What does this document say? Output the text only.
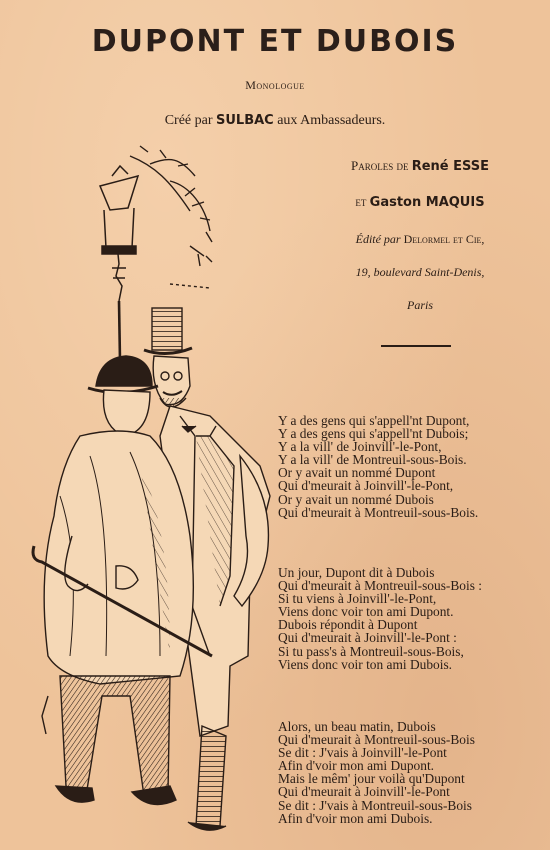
DUPONT ET DUBOIS
Monologue
Créé par SULBAC aux Ambassadeurs.
Paroles de René ESSE
et Gaston MAQUIS
Édité par Delormel et Cie,
19, boulevard Saint-Denis,
Paris
Y a des gens qui s'appell'nt Dupont,
Y a des gens qui s'appell'nt Dubois;
Y a la vill' de Joinvill'-le-Pont,
Y a la vill' de Montreuil-sous-Bois.
Or y avait un nommé Dupont
Qui d'meurait à Joinvill'-le-Pont,
Or y avait un nommé Dubois
Qui d'meurait à Montreuil-sous-Bois.
Un jour, Dupont dit à Dubois
Qui d'meurait à Montreuil-sous-Bois :
Si tu viens à Joinvill'-le-Pont,
Viens donc voir ton ami Dupont.
Dubois répondit à Dupont
Qui d'meurait à Joinvill'-le-Pont :
Si tu pass's à Montreuil-sous-Bois,
Viens donc voir ton ami Dubois.
Alors, un beau matin, Dubois
Qui d'meurait à Montreuil-sous-Bois
Se dit : J'vais à Joinvill'-le-Pont
Afin d'voir mon ami Dupont.
Mais le mêm' jour voilà qu'Dupont
Qui d'meurait à Joinvill'-le-Pont
Se dit : J'vais à Montreuil-sous-Bois
Afin d'voir mon ami Dubois.
